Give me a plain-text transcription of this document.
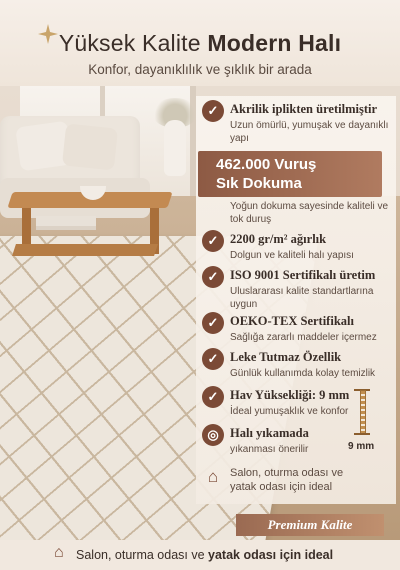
Yüksek Kalite Modern Halı
Konfor, dayanıklılık ve şıklık bir arada
✓ Akrilik iplikten üretilmiştir
Uzun ömürlü, yumuşak ve dayanıklı yapı
462.000 Vuruş
Sık Dokuma
Yoğun dokuma sayesinde kaliteli ve tok duruş
✓ 2200 gr/m² ağırlık
Dolgun ve kaliteli halı yapısı
✓ ISO 9001 Sertifikalı üretim
Uluslararası kalite standartlarına uygun
✓ OEKO-TEX Sertifikalı
Sağlığa zararlı maddeler içermez
✓ Leke Tutmaz Özellik
Günlük kullanımda kolay temizlik
✓ Hav Yüksekliği: 9 mm
İdeal yumuşaklık ve konfor
9 mm
◎ Halı yıkamada
yıkanması önerilir
⌂	Salon, oturma odası ve
yatak odası için ideal
Premium Kalite
⌂ Salon, oturma odası ve yatak odası için ideal
